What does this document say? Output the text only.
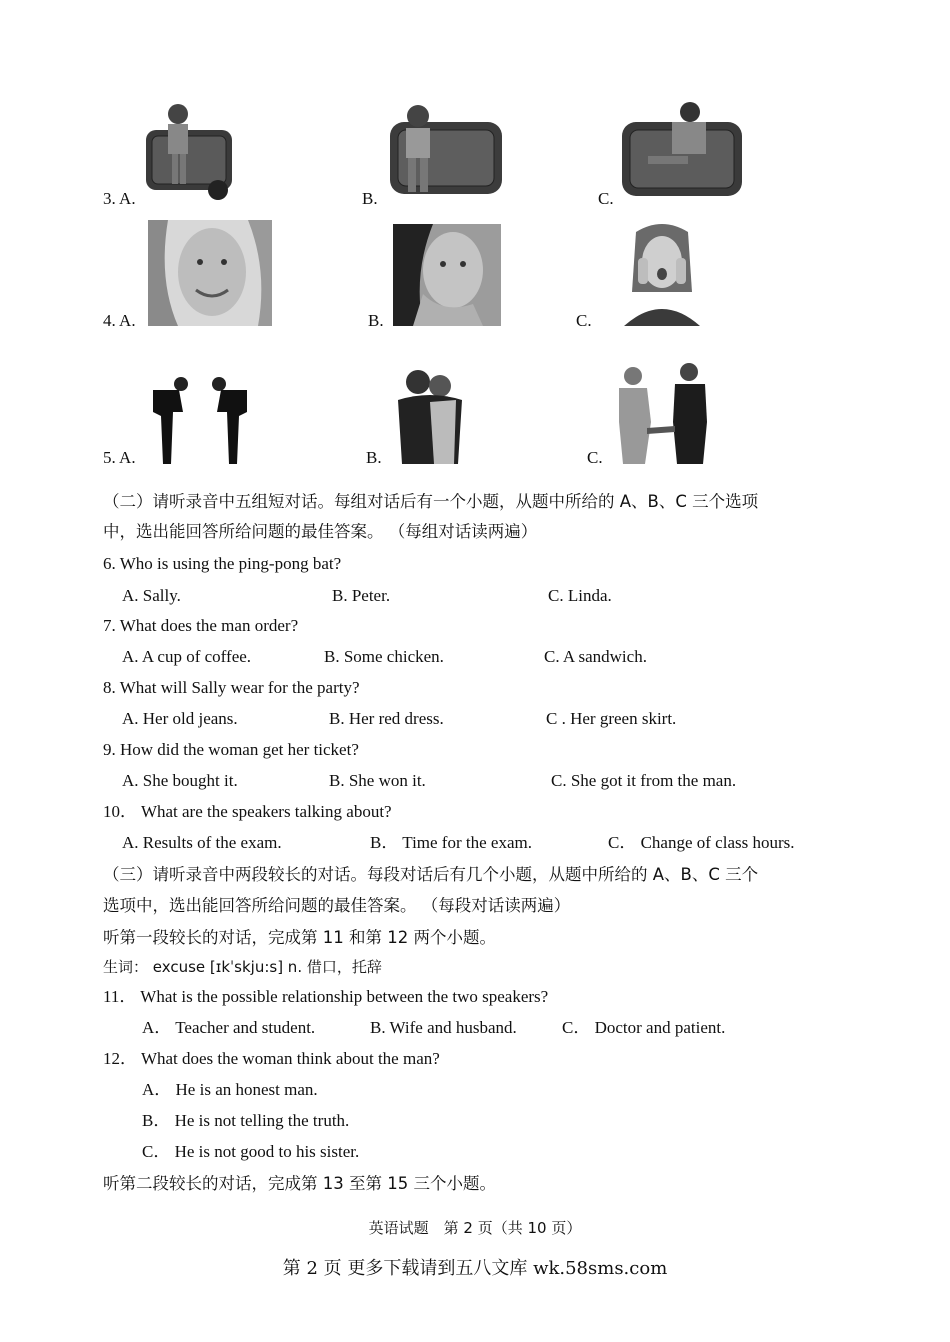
3. A.	B.	C.
4. A.	B.	C.
5. A.	B.	C.
（二）请听录音中五组短对话。每组对话后有一个小题，从题中所给的 A、B、C 三个选项
中，选出能回答所给问题的最佳答案。 （每组对话读两遍）
6. Who is using the ping-pong bat?
A. Sally.	B. Peter.	C. Linda.
7. What does the man order?
A. A cup of coffee.	B. Some chicken.	C. A sandwich.
8. What will Sally wear for the party?
A. Her old jeans.	B. Her red dress.	C . Her green skirt.
9. How did the woman get her ticket?
A. She bought it.	B. She won it.	C. She got it from the man.
10． What are the speakers talking about?
A. Results of the exam.	B． Time for the exam.	C． Change of class hours.
（三）请听录音中两段较长的对话。每段对话后有几个小题，从题中所给的 A、B、C 三个
选项中，选出能回答所给问题的最佳答案。 （每段对话读两遍）
听第一段较长的对话，完成第 11 和第 12 两个小题。
生词： excuse [ɪkˈskju:s] n. 借口，托辞
11． What is the possible relationship between the two speakers?
A． Teacher and student.	B. Wife and husband.	C． Doctor and patient.
12． What does the woman think about the man?
A． He is an honest man.
B． He is not telling the truth.
C． He is not good to his sister.
听第二段较长的对话，完成第 13 至第 15 三个小题。
英语试题　第 2 页（共 10 页）
第 2 页 更多下载请到五八文库 wk.58sms.com
